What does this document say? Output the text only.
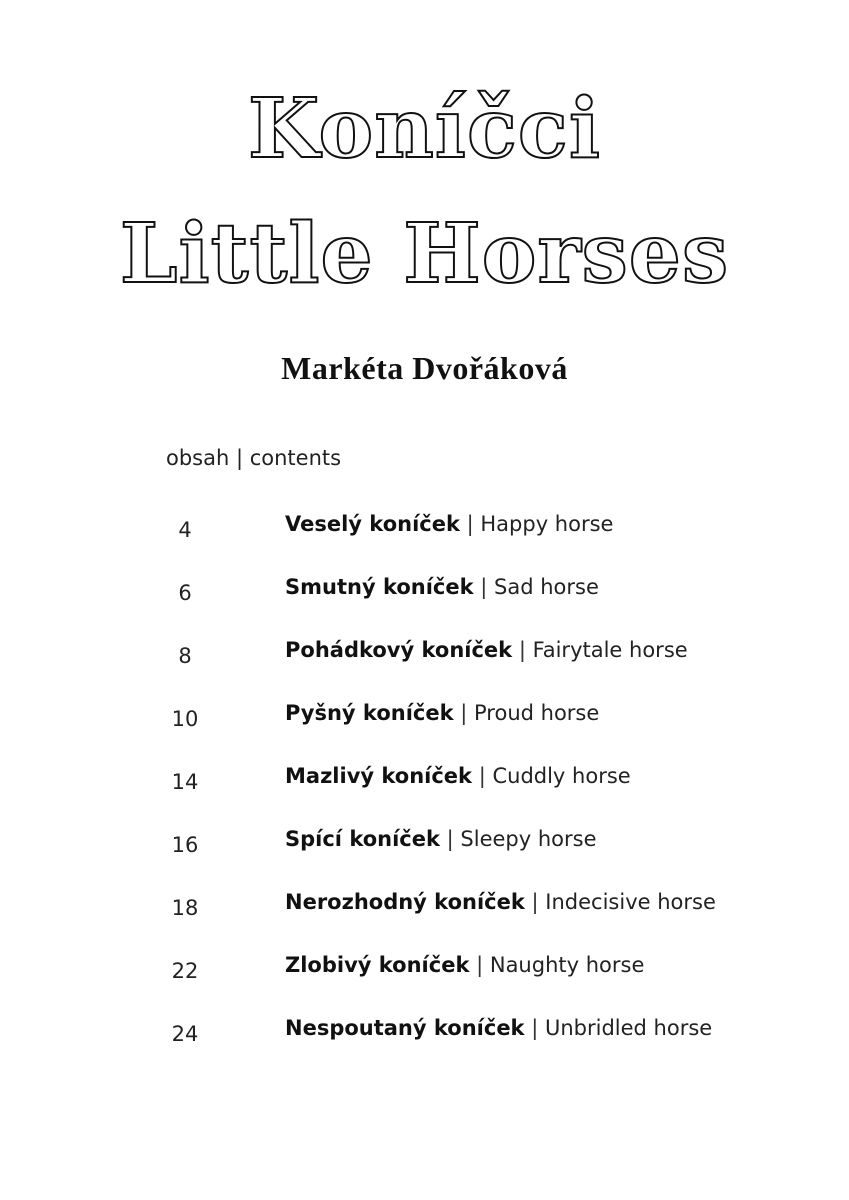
Koníčci
Little Horses
Markéta Dvořáková
obsah | contents
4	Veselý koníček | Happy horse
6	Smutný koníček | Sad horse
8	Pohádkový koníček | Fairytale horse
10	Pyšný koníček | Proud horse
14	Mazlivý koníček | Cuddly horse
16	Spící koníček | Sleepy horse
18	Nerozhodný koníček | Indecisive horse
22	Zlobivý koníček | Naughty horse
24	Nespoutaný koníček | Unbridled horse
